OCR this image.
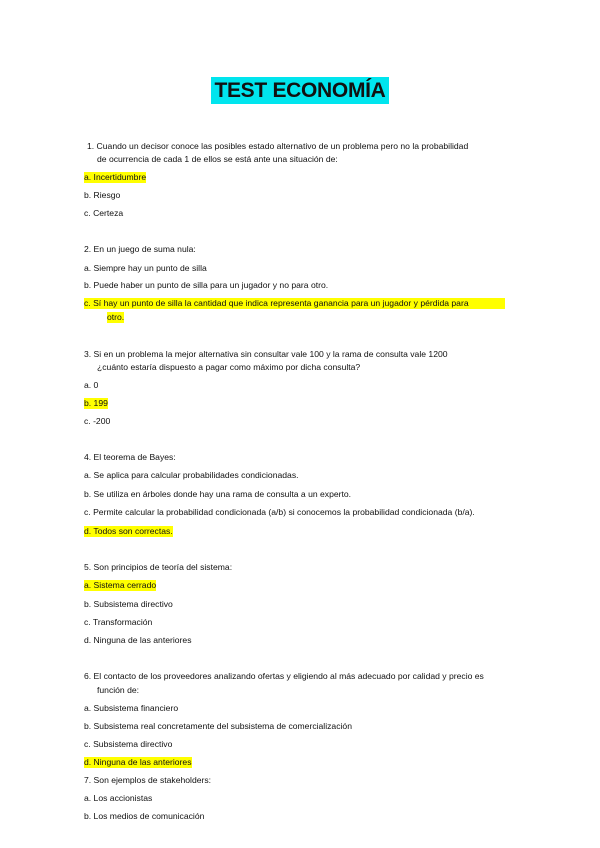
TEST ECONOMÍA
1. Cuando un decisor conoce las posibles estado alternativo de un problema pero no la probabilidad
de ocurrencia de cada 1 de ellos se está ante una situación de:
a. Incertidumbre
b. Riesgo
c. Certeza
2. En un juego de suma nula:
a. Siempre hay un punto de silla
b. Puede haber un punto de silla para un jugador y no para otro.
c. Sí hay un punto de silla la cantidad que indica representa ganancia para un jugador y pérdida para
otro.
3. Si en un problema la mejor alternativa sin consultar vale 100 y la rama de consulta vale 1200
¿cuánto estaría dispuesto a pagar como máximo por dicha consulta?
a. 0
b. 199
c. -200
4. El teorema de Bayes:
a. Se aplica para calcular probabilidades condicionadas.
b. Se utiliza en árboles donde hay una rama de consulta a un experto.
c. Permite calcular la probabilidad condicionada (a/b) si conocemos la probabilidad condicionada (b/a).
d. Todos son correctas.
5. Son principios de teoría del sistema:
a. Sistema cerrado
b. Subsistema directivo
c. Transformación
d. Ninguna de las anteriores
6. El contacto de los proveedores analizando ofertas y eligiendo al más adecuado por calidad y precio es
función de:
a. Subsistema financiero
b. Subsistema real concretamente del subsistema de comercialización
c. Subsistema directivo
d. Ninguna de las anteriores
7. Son ejemplos de stakeholders:
a. Los accionistas
b. Los medios de comunicación
